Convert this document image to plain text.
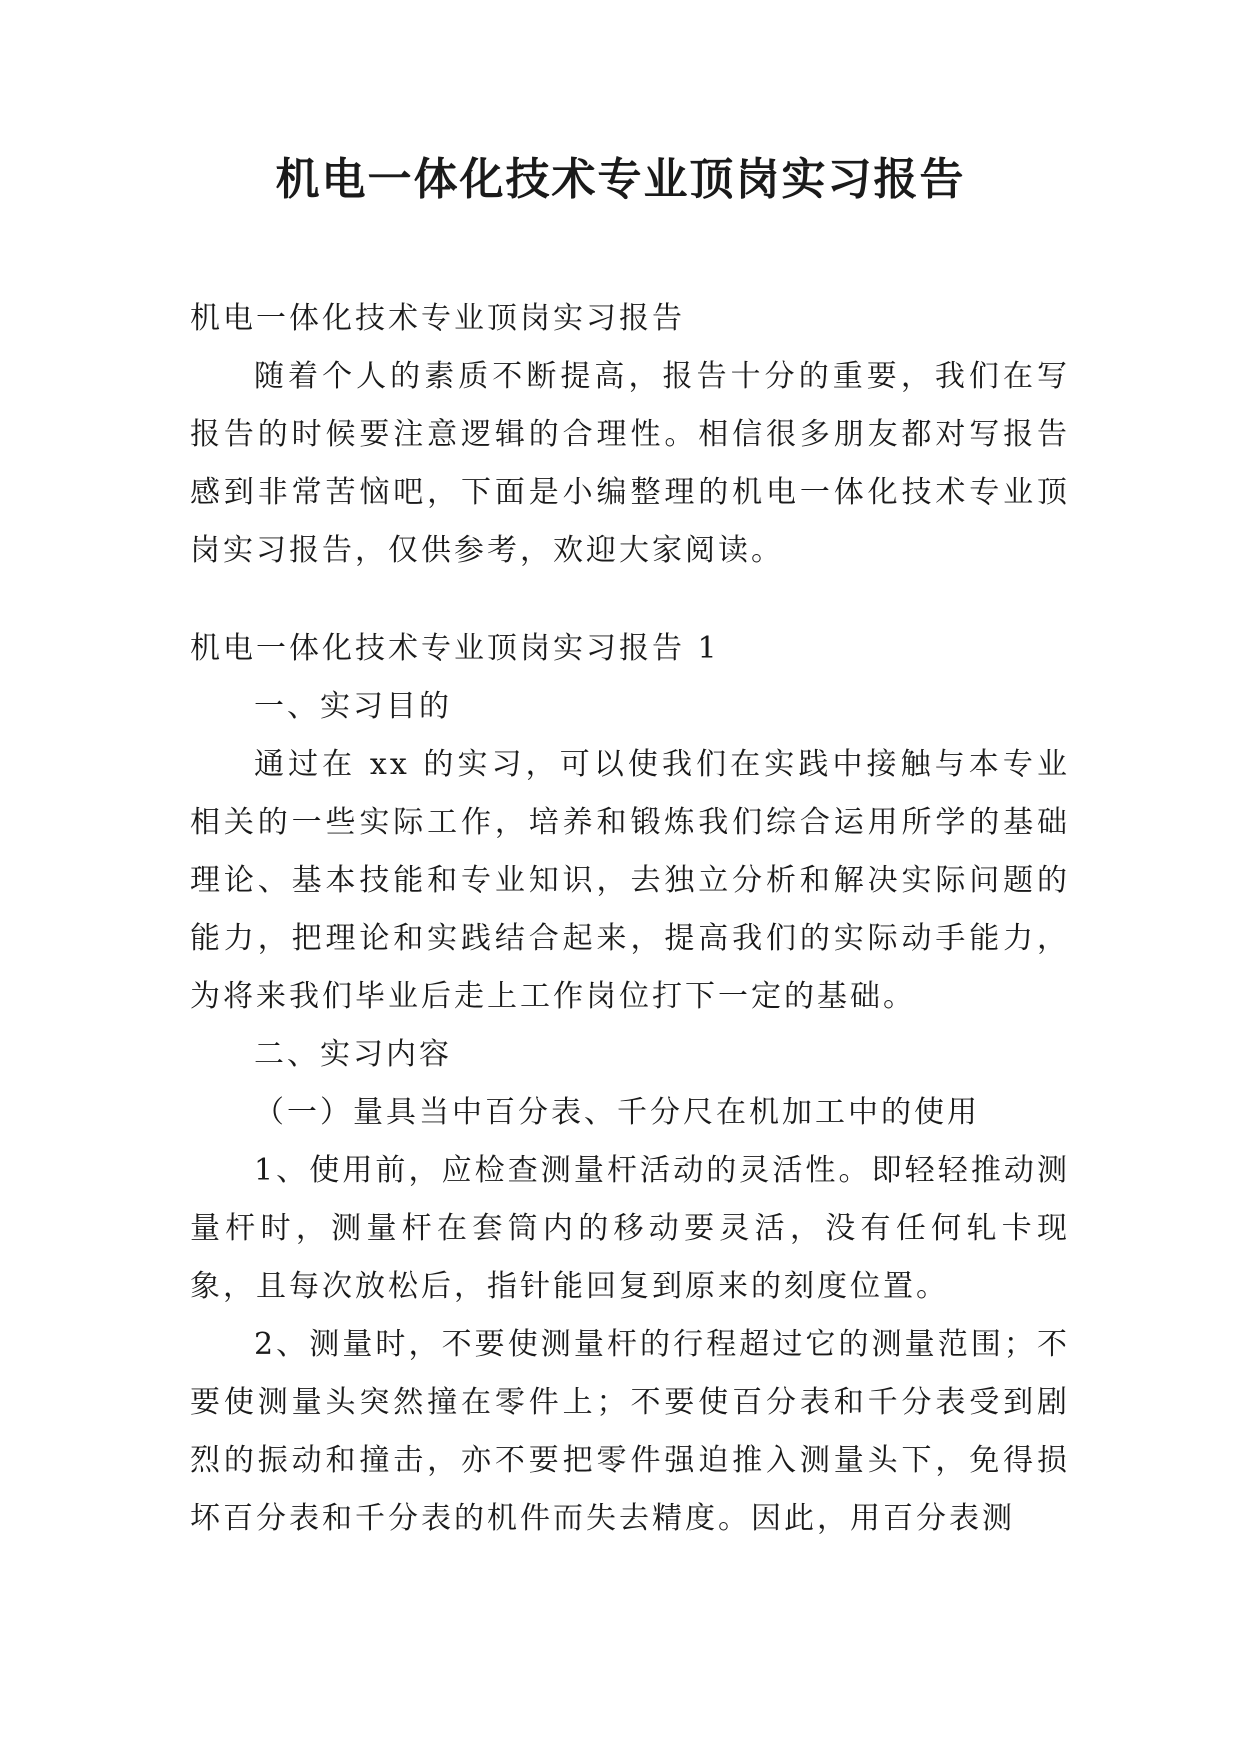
机电一体化技术专业顶岗实习报告

机电一体化技术专业顶岗实习报告

随着个人的素质不断提高，报告十分的重要，我们在写报告的时候要注意逻辑的合理性。相信很多朋友都对写报告感到非常苦恼吧，下面是小编整理的机电一体化技术专业顶岗实习报告，仅供参考，欢迎大家阅读。

机电一体化技术专业顶岗实习报告 1

一、实习目的

通过在 xx 的实习，可以使我们在实践中接触与本专业相关的一些实际工作，培养和锻炼我们综合运用所学的基础理论、基本技能和专业知识，去独立分析和解决实际问题的能力，把理论和实践结合起来，提高我们的实际动手能力，为将来我们毕业后走上工作岗位打下一定的基础。

二、实习内容

（一）量具当中百分表、千分尺在机加工中的使用

1、使用前，应检查测量杆活动的灵活性。即轻轻推动测量杆时，测量杆在套筒内的移动要灵活，没有任何轧卡现象，且每次放松后，指针能回复到原来的刻度位置。

2、测量时，不要使测量杆的行程超过它的测量范围；不要使测量头突然撞在零件上；不要使百分表和千分表受到剧烈的振动和撞击，亦不要把零件强迫推入测量头下，免得损坏百分表和千分表的机件而失去精度。因此，用百分表测
